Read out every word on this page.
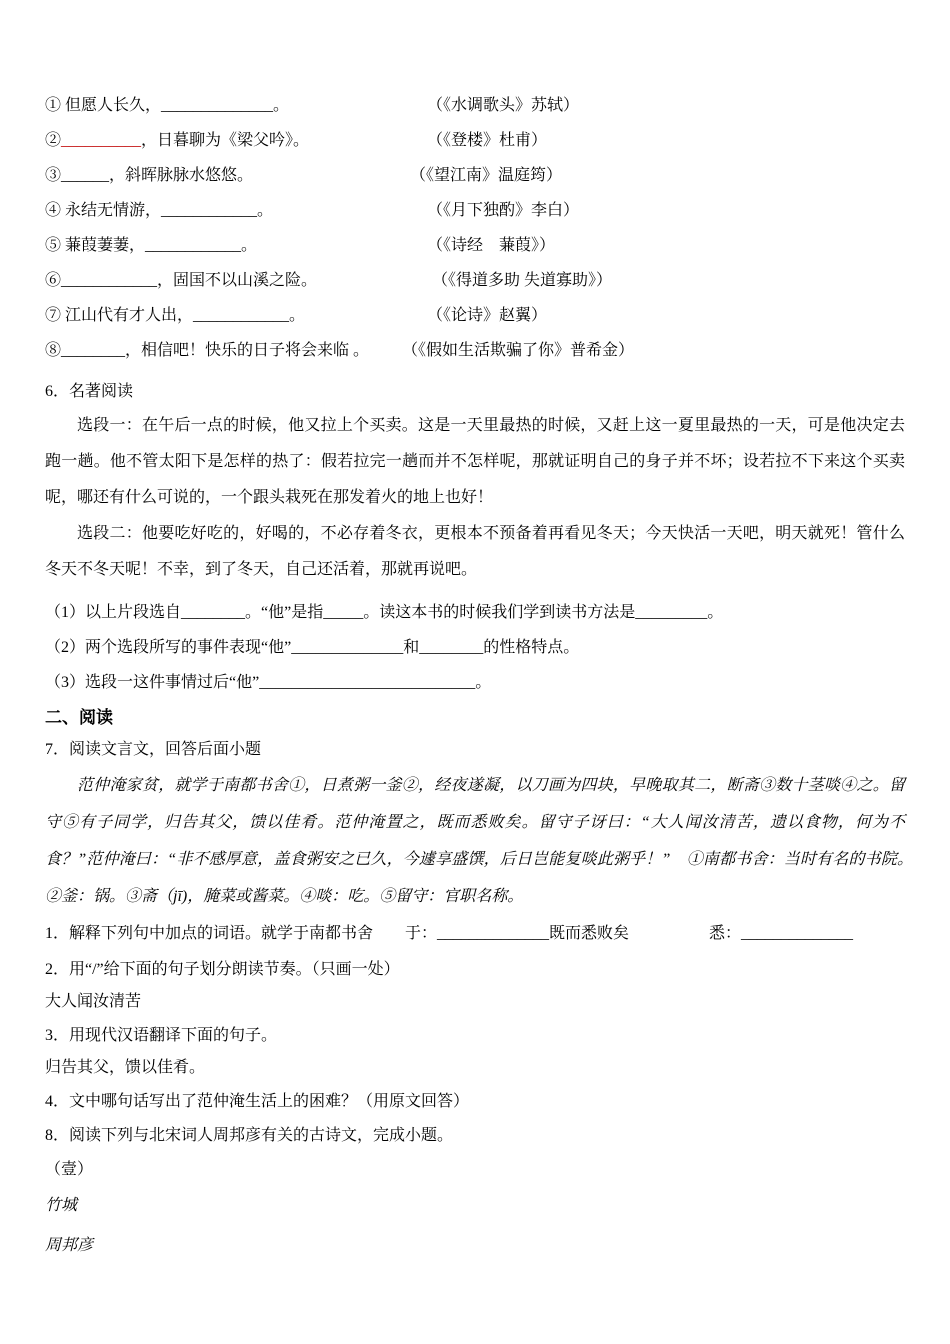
① 但愿人长久，______________。	（《水调歌头》苏轼）
②__________，日暮聊为《梁父吟》。	（《登楼》杜甫）
③______，斜晖脉脉水悠悠。	（《望江南》温庭筠）
④ 永结无情游，____________。	（《月下独酌》李白）
⑤ 蒹葭萋萋，____________。	（《诗经　蒹葭》）
⑥____________，固国不以山溪之险。	（《得道多助 失道寡助》）
⑦ 江山代有才人出，____________。	（《论诗》赵翼）
⑧________，相信吧！快乐的日子将会来临 。 （《假如生活欺骗了你》普希金）

6．名著阅读

选段一：在午后一点的时候，他又拉上个买卖。这是一天里最热的时候，又赶上这一夏里最热的一天，可是他决定去跑一趟。他不管太阳下是怎样的热了：假若拉完一趟而并不怎样呢，那就证明自己的身子并不坏；设若拉不下来这个买卖呢，哪还有什么可说的，一个跟头栽死在那发着火的地上也好！

选段二：他要吃好吃的，好喝的，不必存着冬衣，更根本不预备着再看见冬天；今天快活一天吧，明天就死！管什么冬天不冬天呢！不幸，到了冬天，自己还活着，那就再说吧。

（1）以上片段选自________。“他”是指_____。读这本书的时候我们学到读书方法是_________。

（2）两个选段所写的事件表现“他”______________和________的性格特点。

（3）选段一这件事情过后“他”___________________________。

二、阅读

7．阅读文言文，回答后面小题

范仲淹家贫，就学于南都书舍①，日煮粥一釜②，经夜遂凝，以刀画为四块，早晚取其二，断斋③数十茎啖④之。留守⑤有子同学，归告其父，馈以佳肴。范仲淹置之，既而悉败矣。留守子讶曰：“大人闻汝清苦，遗以食物，何为不食？”范仲淹曰：“非不感厚意，盖食粥安之已久，今遽享盛馔，后日岂能复啖此粥乎！”　①南都书舍：当时有名的书院。　②釜：锅。③斋（jī)，腌菜或酱菜。④啖：吃。⑤留守：官职名称。

1．解释下列句中加点的词语。就学于南都书舍　　于：______________既而悉败矣　　　　　悉：______________

2．用“/”给下面的句子划分朗读节奏。（只画一处）

大人闻汝清苦

3．用现代汉语翻译下面的句子。

归告其父，馈以佳肴。

4．文中哪句话写出了范仲淹生活上的困难？（用原文回答）

8．阅读下列与北宋词人周邦彦有关的古诗文，完成小题。

（壹）

竹城

周邦彦
